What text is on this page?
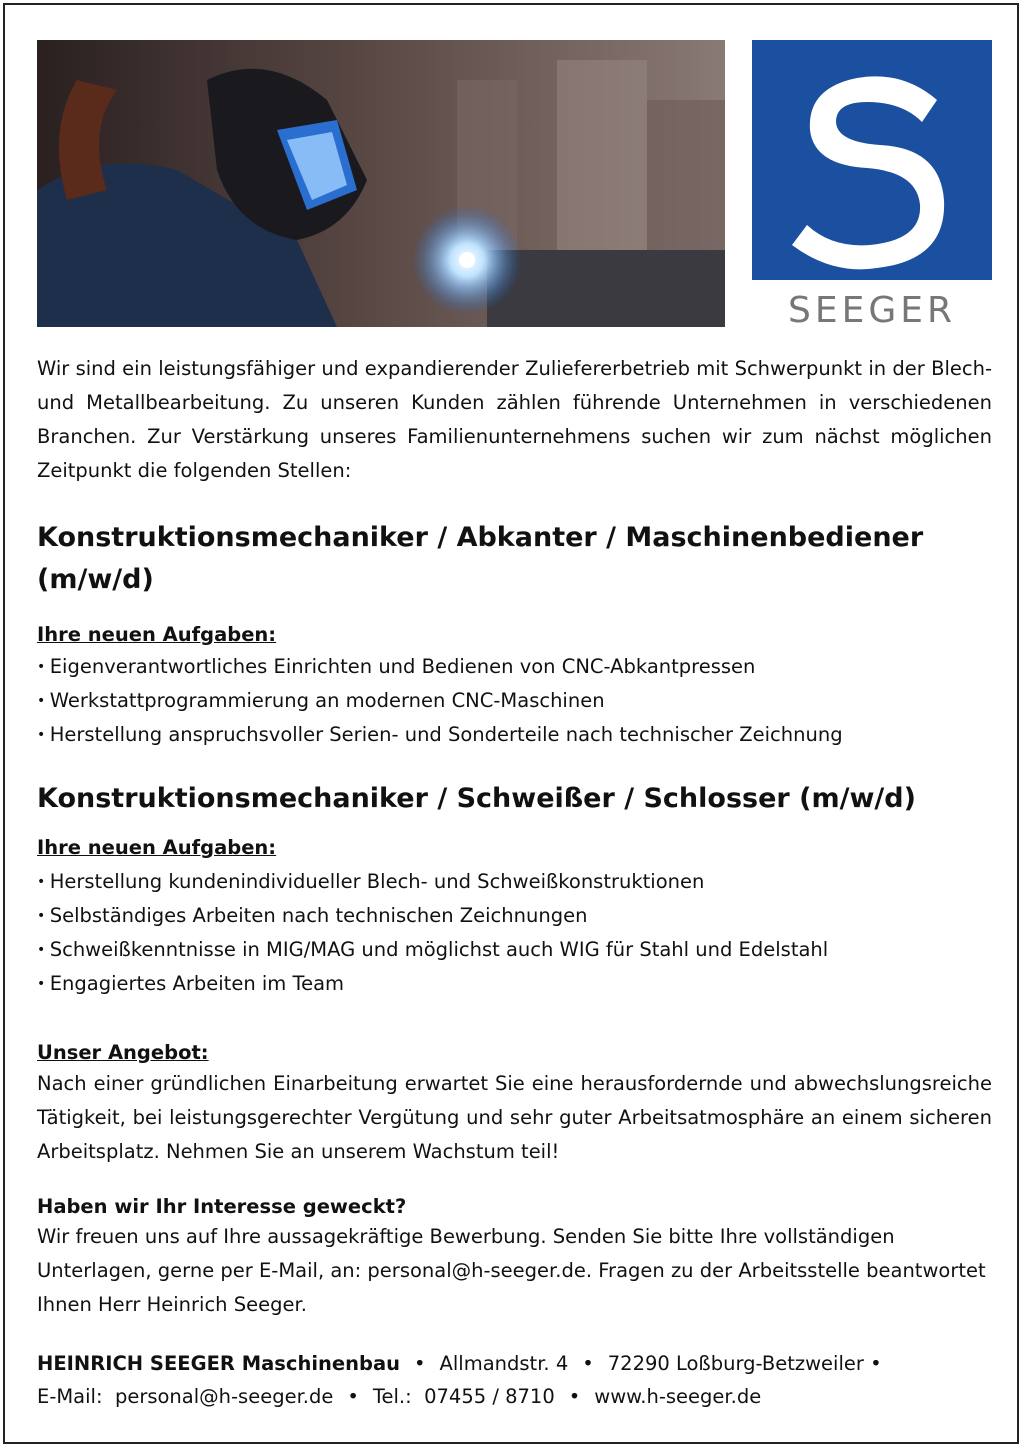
SEEGER
Wir sind ein leistungsfähiger und expandierender Zuliefererbetrieb mit Schwerpunkt in der Blech- und Metallbearbeitung. Zu unseren Kunden zählen führende Unternehmen in verschiedenen Branchen. Zur Verstärkung unseres Familienunternehmens suchen wir zum nächst möglichen Zeitpunkt die folgenden Stellen:
Konstruktionsmechaniker / Abkanter / Maschinenbediener (m/w/d)
Ihre neuen Aufgaben:
• Eigenverantwortliches Einrichten und Bedienen von CNC-Abkantpressen
• Werkstattprogrammierung an modernen CNC-Maschinen
• Herstellung anspruchsvoller Serien- und Sonderteile nach technischer Zeichnung
Konstruktionsmechaniker / Schweißer / Schlosser (m/w/d)
Ihre neuen Aufgaben:
• Herstellung kundenindividueller Blech- und Schweißkonstruktionen
• Selbständiges Arbeiten nach technischen Zeichnungen
• Schweißkenntnisse in MIG/MAG und möglichst auch WIG für Stahl und Edelstahl
• Engagiertes Arbeiten im Team
Unser Angebot:
Nach einer gründlichen Einarbeitung erwartet Sie eine herausfordernde und abwechslungsreiche Tätigkeit, bei leistungsgerechter Vergütung und sehr guter Arbeitsatmosphäre an einem sicheren Arbeitsplatz. Nehmen Sie an unserem Wachstum teil!
Haben wir Ihr Interesse geweckt?
Wir freuen uns auf Ihre aussagekräftige Bewerbung. Senden Sie bitte Ihre vollständigen Unterlagen, gerne per E-Mail, an: personal@h-seeger.de. Fragen zu der Arbeitsstelle beantwortet Ihnen Herr Heinrich Seeger.
HEINRICH SEEGER Maschinenbau • Allmandstr. 4 • 72290 Loßburg-Betzweiler •
E-Mail: personal@h-seeger.de • Tel.: 07455 / 8710 • www.h-seeger.de
